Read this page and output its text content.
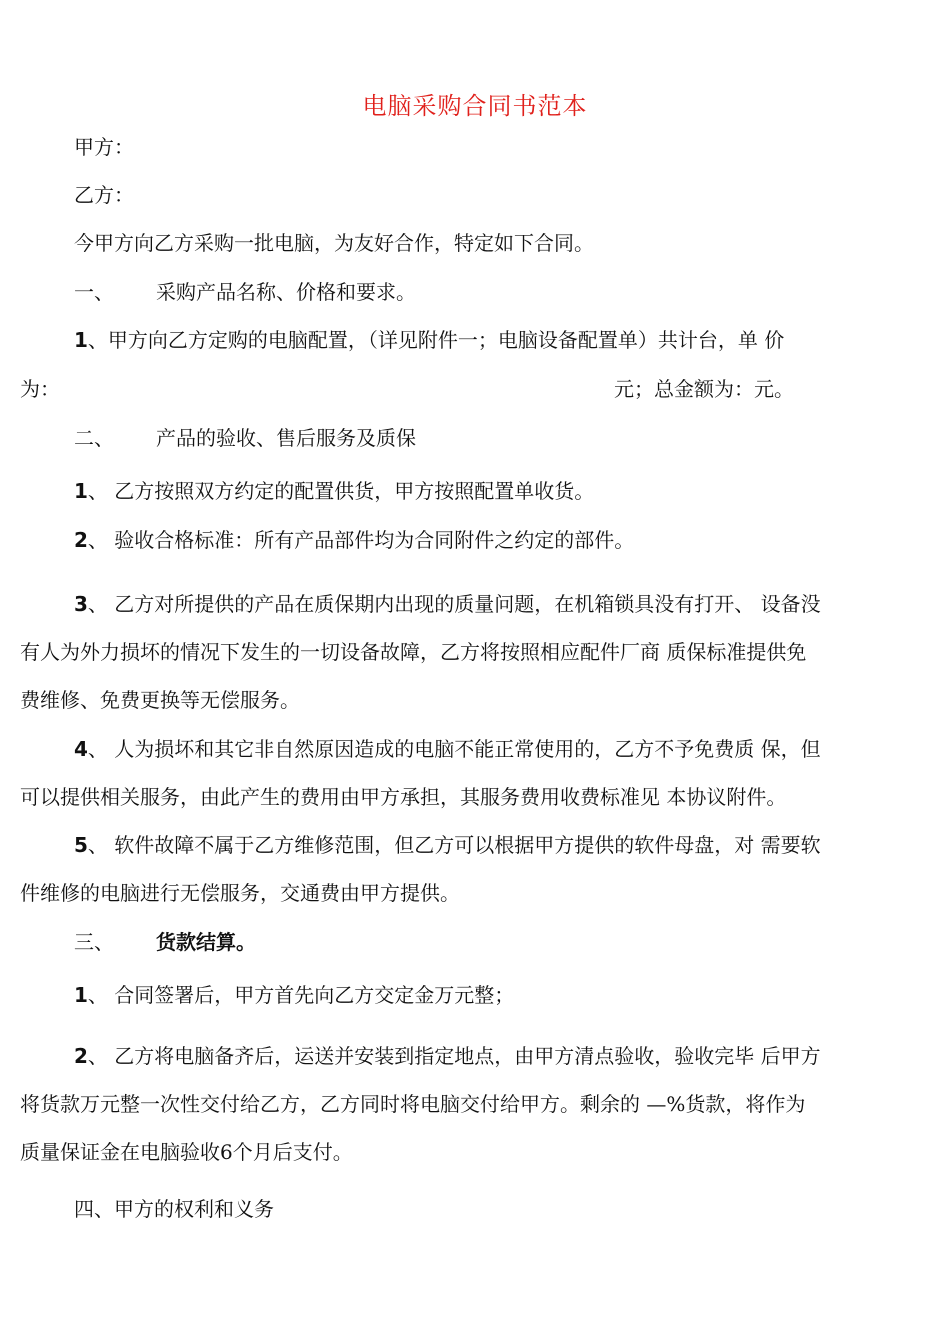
电脑采购合同书范本

甲方：

乙方：

今甲方向乙方采购一批电脑，为友好合作，特定如下合同。

一、 采购产品名称、价格和要求。

1、甲方向乙方定购的电脑配置，（详见附件一；电脑设备配置单）共计台，单 价

为：	元；总金额为：元。

二、 产品的验收、售后服务及质保

1、 乙方按照双方约定的配置供货，甲方按照配置单收货。

2、 验收合格标准：所有产品部件均为合同附件之约定的部件。

3、 乙方对所提供的产品在质保期内出现的质量问题，在机箱锁具没有打开、 设备没

有人为外力损坏的情况下发生的一切设备故障，乙方将按照相应配件厂商 质保标准提供免

费维修、免费更换等无偿服务。

4、 人为损坏和其它非自然原因造成的电脑不能正常使用的，乙方不予免费质 保，但

可以提供相关服务，由此产生的费用由甲方承担，其服务费用收费标准见 本协议附件。

5、 软件故障不属于乙方维修范围，但乙方可以根据甲方提供的软件母盘，对 需要软

件维修的电脑进行无偿服务，交通费由甲方提供。

三、 货款结算。

1、 合同签署后，甲方首先向乙方交定金万元整；

2、 乙方将电脑备齐后，运送并安装到指定地点，由甲方清点验收，验收完毕 后甲方

将货款万元整一次性交付给乙方，乙方同时将电脑交付给甲方。剩余的 —%货款，将作为

质量保证金在电脑验收6个月后支付。

四、甲方的权利和义务
